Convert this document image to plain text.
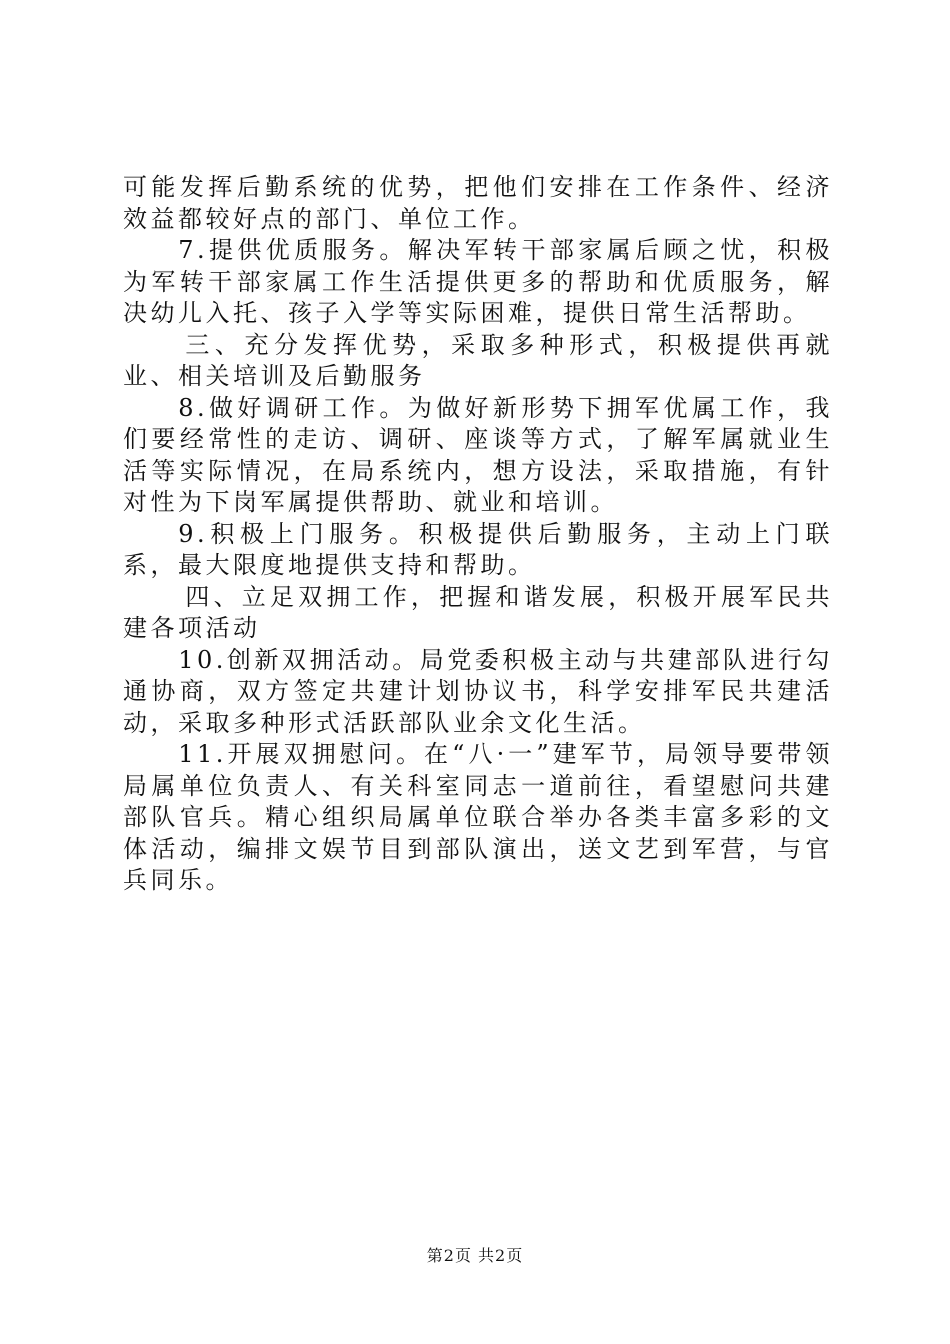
可能发挥后勤系统的优势，把他们安排在工作条件、经济效益都较好点的部门、单位工作。

7.提供优质服务。解决军转干部家属后顾之忧，积极为军转干部家属工作生活提供更多的帮助和优质服务，解决幼儿入托、孩子入学等实际困难，提供日常生活帮助。

三、充分发挥优势，采取多种形式，积极提供再就业、相关培训及后勤服务

8.做好调研工作。为做好新形势下拥军优属工作，我们要经常性的走访、调研、座谈等方式，了解军属就业生活等实际情况，在局系统内，想方设法，采取措施，有针对性为下岗军属提供帮助、就业和培训。

9.积极上门服务。积极提供后勤服务，主动上门联系，最大限度地提供支持和帮助。

四、立足双拥工作，把握和谐发展，积极开展军民共建各项活动

10.创新双拥活动。局党委积极主动与共建部队进行勾通协商，双方签定共建计划协议书，科学安排军民共建活动，采取多种形式活跃部队业余文化生活。

11.开展双拥慰问。在“八·一”建军节，局领导要带领局属单位负责人、有关科室同志一道前往，看望慰问共建部队官兵。精心组织局属单位联合举办各类丰富多彩的文体活动，编排文娱节目到部队演出，送文艺到军营，与官兵同乐。

第2页 共2页
